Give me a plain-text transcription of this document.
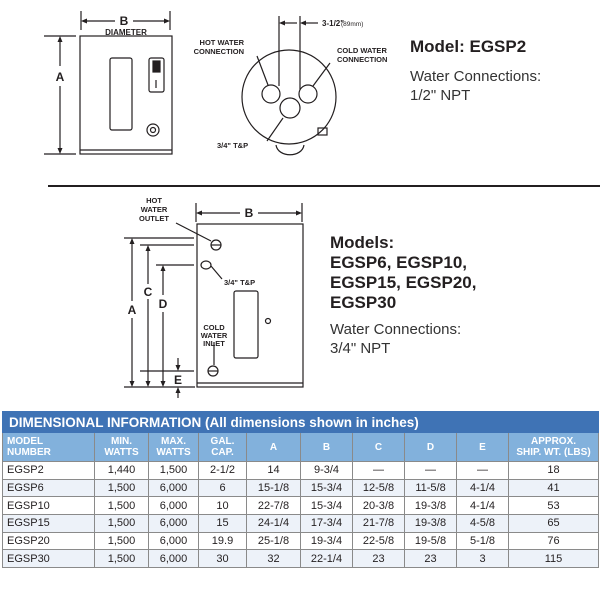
B
DIAMETER
A
3-1/2"
(89mm)
HOT WATER
CONNECTION	COLD WATER
CONNECTION
3/4" T&P
Model: EGSP2
Water Connections:
1/2" NPT
HOT
WATER
OUTLET	B
3/4" T&P
A
C
D
E
COLD
WATER
INLET
Models:
EGSP6, EGSP10,
EGSP15, EGSP20,
EGSP30
Water Connections:
3/4" NPT
DIMENSIONAL INFORMATION (All dimensions shown in inches)									
MODEL
NUMBER	MIN.
WATTS	MAX.
WATTS	GAL.
CAP.	A	B	C	D	E	APPROX.
SHIP. WT. (LBS)
EGSP2	1,440	1,500	2-1/2	14	9-3/4	—	—	—	18
EGSP6	1,500	6,000	6	15-1/8	15-3/4	12-5/8	11-5/8	4-1/4	41
EGSP10	1,500	6,000	10	22-7/8	15-3/4	20-3/8	19-3/8	4-1/4	53
EGSP15	1,500	6,000	15	24-1/4	17-3/4	21-7/8	19-3/8	4-5/8	65
EGSP20	1,500	6,000	19.9	25-1/8	19-3/4	22-5/8	19-5/8	5-1/8	76
EGSP30	1,500	6,000	30	32	22-1/4	23	23	3	115
